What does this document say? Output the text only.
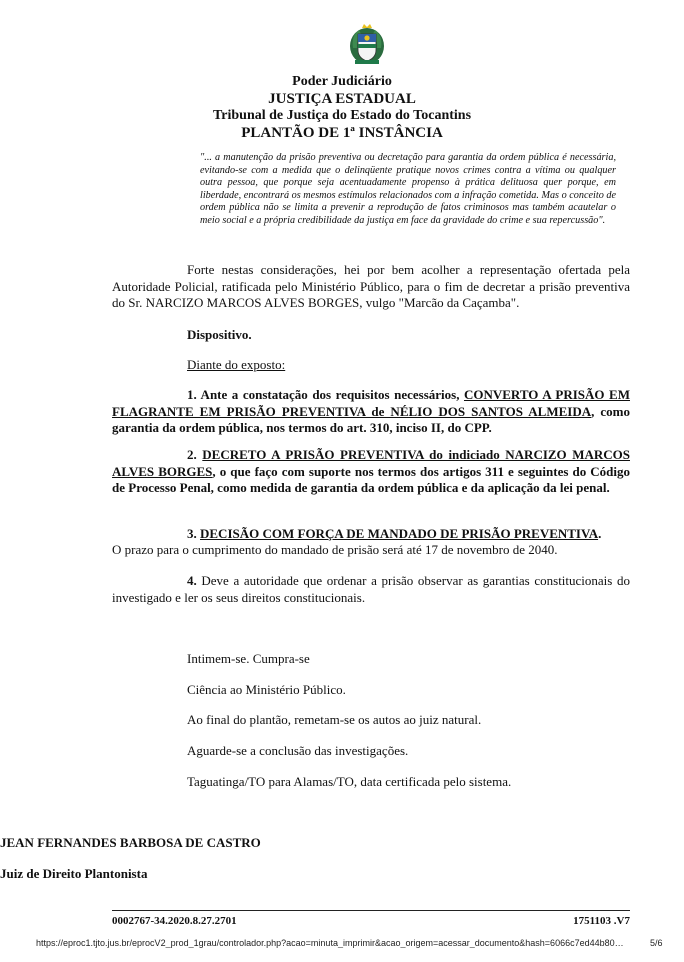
Poder Judiciário
JUSTIÇA ESTADUAL
Tribunal de Justiça do Estado do Tocantins
PLANTÃO DE 1ª INSTÂNCIA
"... a manutenção da prisão preventiva ou decretação para garantia da ordem pública é necessária, evitando-se com a medida que o delinqüente pratique novos crimes contra a vítima ou qualquer outra pessoa, que porque seja acentuadamente propenso à prática delituosa quer porque, em liberdade, encontrará os mesmos estímulos relacionados com a infração cometida. Mas o conceito de ordem pública não se limita a prevenir a reprodução de fatos criminosos mas também acautelar o meio social e a própria credibilidade da justiça em face da gravidade do crime e sua repercussão".
Forte nestas considerações, hei por bem acolher a representação ofertada pela Autoridade Policial, ratificada pelo Ministério Público, para o fim de decretar a prisão preventiva do Sr. NARCIZO MARCOS ALVES BORGES, vulgo "Marcão da Caçamba".
Dispositivo.
Diante do exposto:
1. Ante a constatação dos requisitos necessários, CONVERTO A PRISÃO EM FLAGRANTE EM PRISÃO PREVENTIVA de NÉLIO DOS SANTOS ALMEIDA, como garantia da ordem pública, nos termos do art. 310, inciso II, do CPP.
2. DECRETO A PRISÃO PREVENTIVA do indiciado NARCIZO MARCOS ALVES BORGES, o que faço com suporte nos termos dos artigos 311 e seguintes do Código de Processo Penal, como medida de garantia da ordem pública e da aplicação da lei penal.
3. DECISÃO COM FORÇA DE MANDADO DE PRISÃO PREVENTIVA.
O prazo para o cumprimento do mandado de prisão será até 17 de novembro de 2040.
4. Deve a autoridade que ordenar a prisão observar as garantias constitucionais do investigado e ler os seus direitos constitucionais.
Intimem-se. Cumpra-se
Ciência ao Ministério Público.
Ao final do plantão, remetam-se os autos ao juiz natural.
Aguarde-se a conclusão das investigações.
Taguatinga/TO para Alamas/TO, data certificada pelo sistema.
JEAN FERNANDES BARBOSA DE CASTRO
Juiz de Direito Plantonista
0002767-34.2020.8.27.2701	1751103 .V7
https://eproc1.tjto.jus.br/eprocV2_prod_1grau/controlador.php?acao=minuta_imprimir&acao_origem=acessar_documento&hash=6066c7ed44b80…	5/6
